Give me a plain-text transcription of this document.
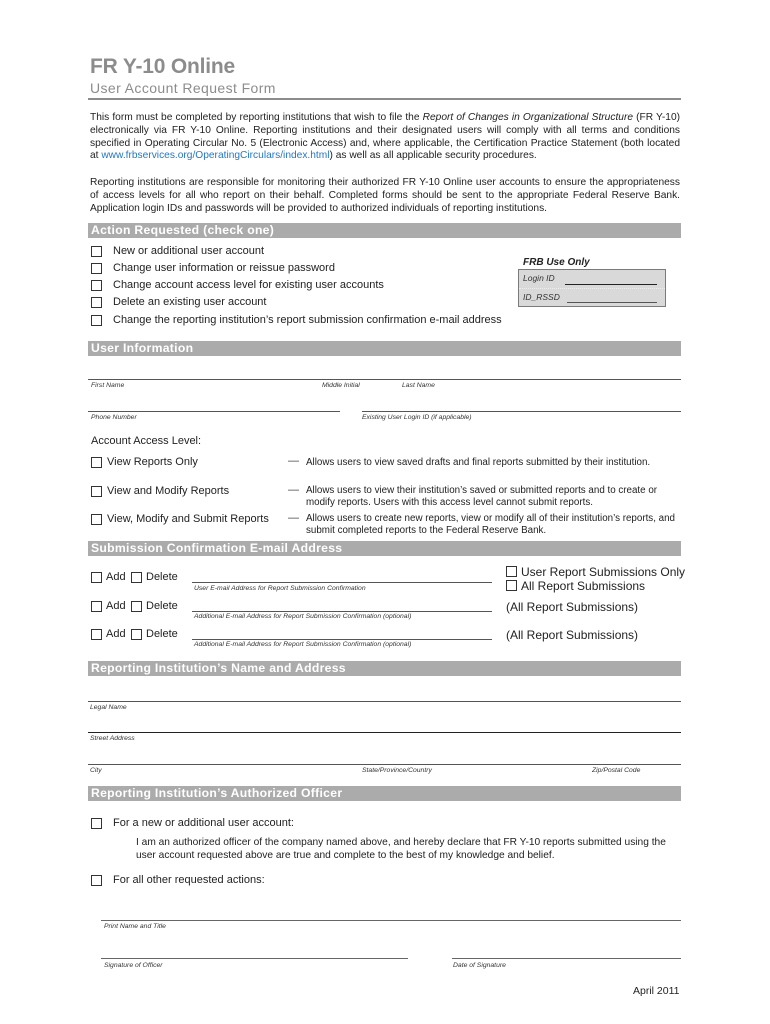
FR Y-10 Online
User Account Request Form
This form must be completed by reporting institutions that wish to file the Report of Changes in Organizational Structure (FR Y-10) electronically via FR Y-10 Online. Reporting institutions and their designated users will comply with all terms and conditions specified in Operating Circular No. 5 (Electronic Access) and, where applicable, the Certification Practice Statement (both located at www.frbservices.org/OperatingCirculars/index.html) as well as all applicable security procedures.
Reporting institutions are responsible for monitoring their authorized FR Y-10 Online user accounts to ensure the appropriateness of access levels for all who report on their behalf. Completed forms should be sent to the appropriate Federal Reserve Bank. Application login IDs and passwords will be provided to authorized individuals of reporting institutions.
Action Requested (check one)
New or additional user account
Change user information or reissue password
Change account access level for existing user accounts
Delete an existing user account
Change the reporting institution’s report submission confirmation e-mail address
FRB Use Only
Login ID
ID_RSSD
User Information
First Name	Middle Initial	Last Name
Phone Number	Existing User Login ID (if applicable)
Account Access Level:
View Reports Only	— Allows users to view saved drafts and final reports submitted by their institution.
View and Modify Reports	— Allows users to view their institution’s saved or submitted reports and to create or modify reports. Users with this access level cannot submit reports.
View, Modify and Submit Reports — Allows users to create new reports, view or modify all of their institution’s reports, and submit completed reports to the Federal Reserve Bank.
Submission Confirmation E-mail Address
Add Delete
User E-mail Address for Report Submission Confirmation
User Report Submissions Only
All Report Submissions
Add Delete
Additional E-mail Address for Report Submission Confirmation (optional)
(All Report Submissions)
Add Delete
Additional E-mail Address for Report Submission Confirmation (optional)
(All Report Submissions)
Reporting Institution’s Name and Address
Legal Name
Street Address
City	State/Province/Country	Zip/Postal Code
Reporting Institution’s Authorized Officer
For a new or additional user account:
I am an authorized officer of the company named above, and hereby declare that FR Y-10 reports submitted using the user account requested above are true and complete to the best of my knowledge and belief.
For all other requested actions:
Print Name and Title
Signature of Officer	Date of Signature
April 2011
